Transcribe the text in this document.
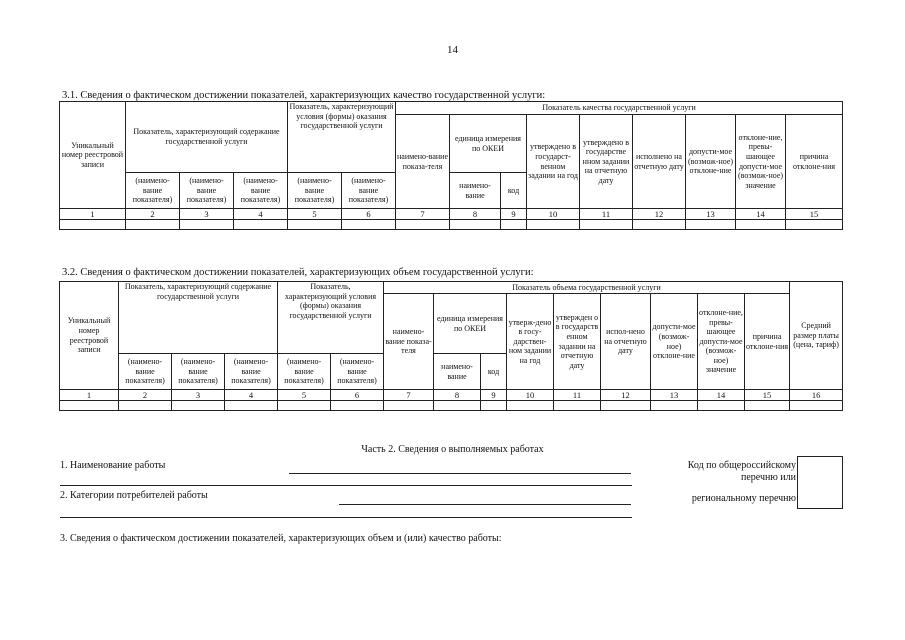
14
3.1. Сведения о фактическом достижении показателей, характеризующих качество государственной услуги:
Уникальный номер реестровой записи	Показатель, характеризующий содержание государственной услуги			Показатель, характеризующий условия (формы) оказания государственной услуги		Показатель качества государственной услуги								
						наимено-вание показа-теля	единица измерения по ОКЕИ		утверждено в государст-венном задании на год	утверждено в государстве нном задании на отчетную дату	исполнено на отчетную дату	допусти-мое (возмож-ное) отклоне-ние	отклоне-ние, превы-шающее допусти-мое (возмож-ное) значение	причина отклоне-ния

	(наимено-вание показателя)	(наимено-вание показателя)	(наимено-вание показателя)	(наимено-вание показателя)	(наимено-вание показателя)		наимено-вание	код						
1	2	3	4	5	6	7	8	9	10	11	12	13	14	15

3.2. Сведения о фактическом достижении показателей, характеризующих объем государственной услуги:
Уникальный номер реестровой записи	Показатель, характеризующий содержание государственной услуги			Показатель, характеризующий условия (формы) оказания государственной услуги		Показатель объема государственной услуги									Средний размер платы (цена, тариф)
						наимено-вание показа-теля	единица измерения по ОКЕИ		утверж-дено в госу-дарствен-ном задании на год	утвержден о в государств енном задании на отчетную дату	испол-нено на отчетную дату	допусти-мое (возмож-ное) отклоне-ние	отклоне-ние, превы-шающее допусти-мое (возмож-ное) значение	причина отклоне-ния	

	(наимено-вание показателя)	(наимено-вание показателя)	(наимено-вание показателя)	(наимено-вание показателя)	(наимено-вание показателя)		наимено-вание	код							
1	2	3	4	5	6	7	8	9	10	11	12	13	14	15	16

Часть 2. Сведения о выполняемых работах
1. Наименование работы
2. Категории потребителей работы
Код по общероссийскому
перечню или
региональному перечню
3. Сведения о фактическом достижении показателей, характеризующих объем и (или) качество работы:
